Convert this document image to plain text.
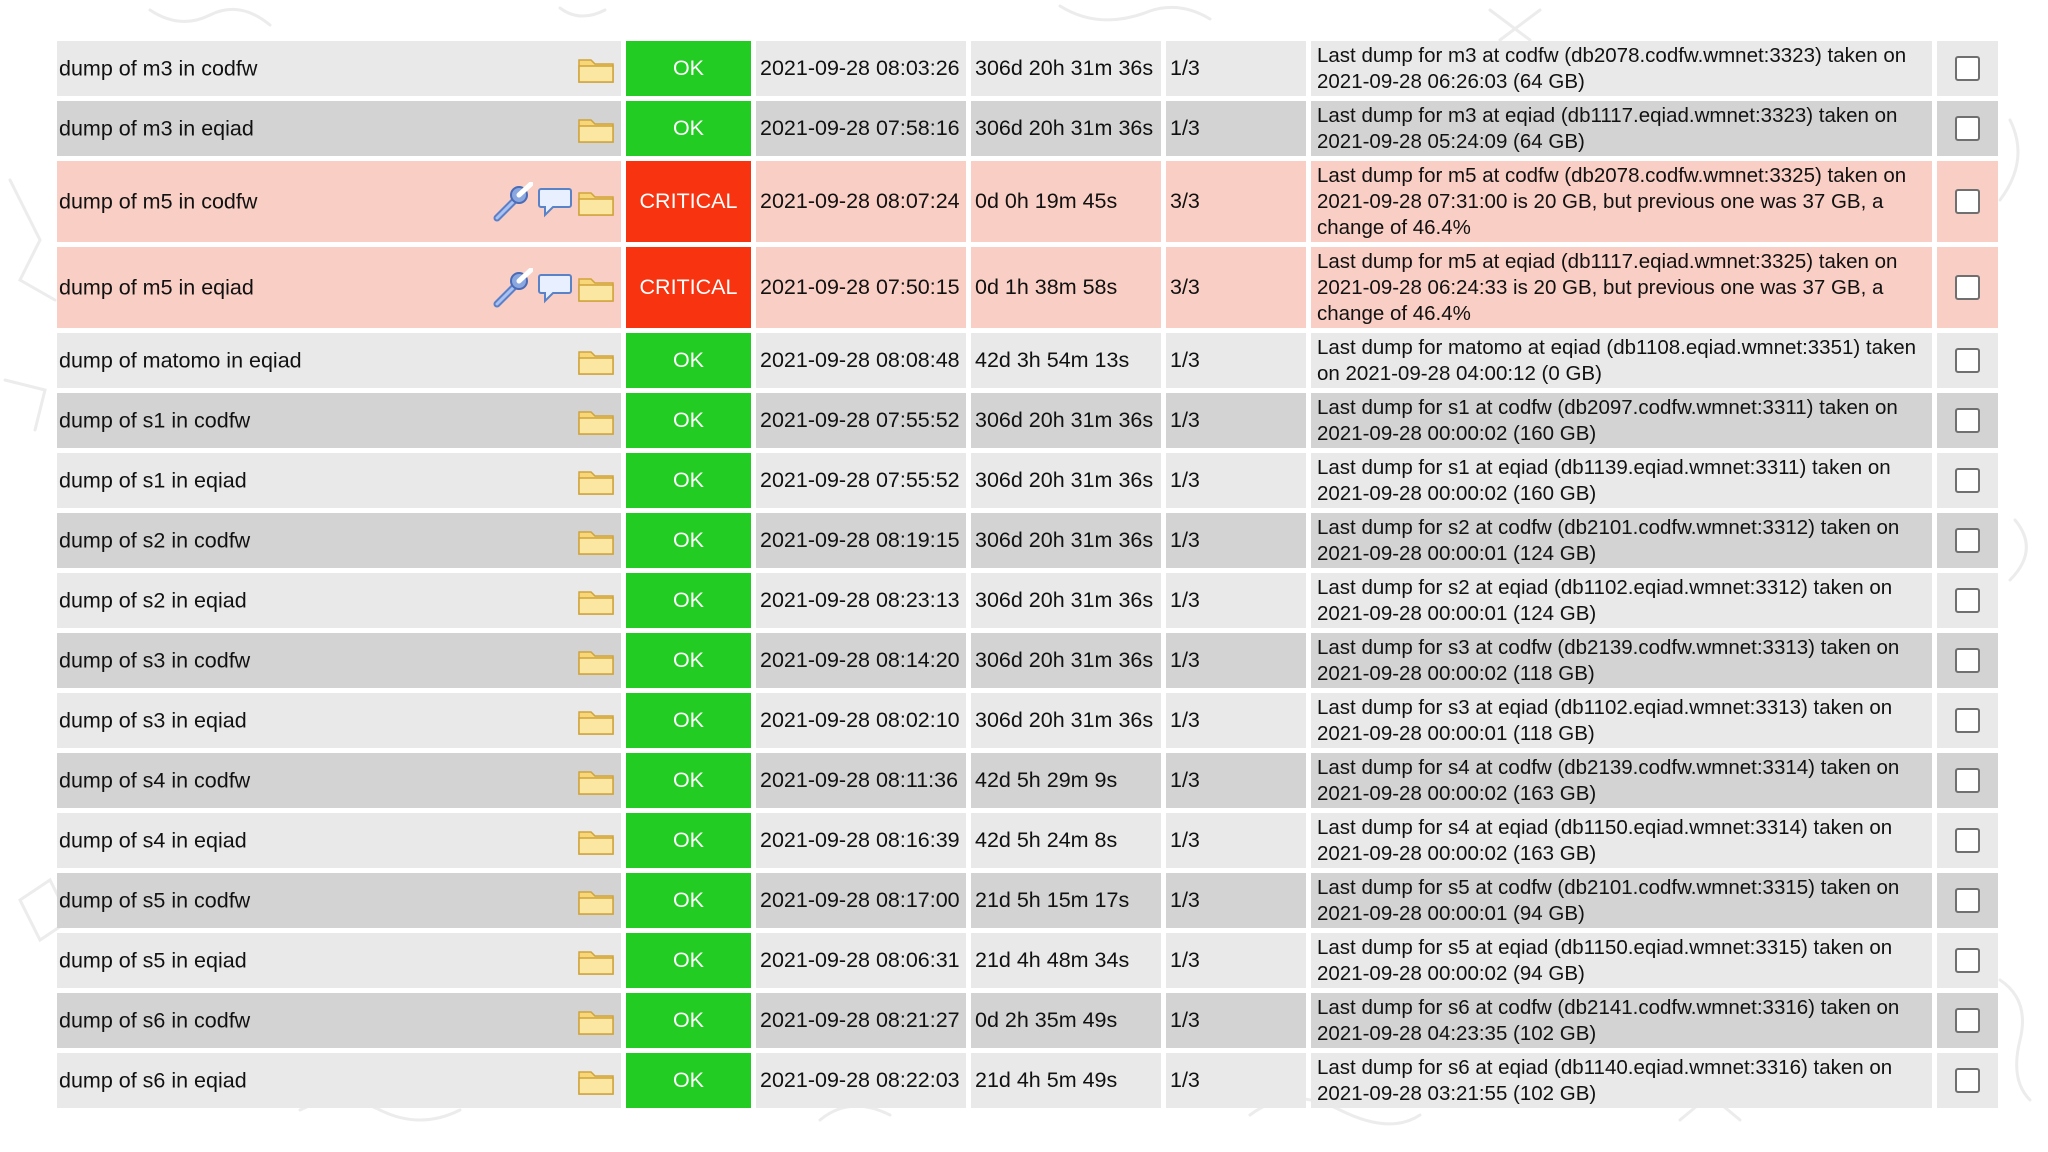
dump of m3 in codfw	OK	2021-09-28 08:03:26	306d 20h 31m 36s	1/3	Last dump for m3 at codfw (db2078.codfw.wmnet:3323) taken on 2021-09-28 06:26:03 (64 GB)	

dump of m3 in eqiad	OK	2021-09-28 07:58:16	306d 20h 31m 36s	1/3	Last dump for m3 at eqiad (db1117.eqiad.wmnet:3323) taken on 2021-09-28 05:24:09 (64 GB)	

dump of m5 in codfw	CRITICAL	2021-09-28 08:07:24	0d 0h 19m 45s	3/3	Last dump for m5 at codfw (db2078.codfw.wmnet:3325) taken on 2021-09-28 07:31:00 is 20 GB, but previous one was 37 GB, a change of 46.4%	

dump of m5 in eqiad	CRITICAL	2021-09-28 07:50:15	0d 1h 38m 58s	3/3	Last dump for m5 at eqiad (db1117.eqiad.wmnet:3325) taken on 2021-09-28 06:24:33 is 20 GB, but previous one was 37 GB, a change of 46.4%	

dump of matomo in eqiad	OK	2021-09-28 08:08:48	42d 3h 54m 13s	1/3	Last dump for matomo at eqiad (db1108.eqiad.wmnet:3351) taken on 2021-09-28 04:00:12 (0 GB)	

dump of s1 in codfw	OK	2021-09-28 07:55:52	306d 20h 31m 36s	1/3	Last dump for s1 at codfw (db2097.codfw.wmnet:3311) taken on 2021-09-28 00:00:02 (160 GB)	

dump of s1 in eqiad	OK	2021-09-28 07:55:52	306d 20h 31m 36s	1/3	Last dump for s1 at eqiad (db1139.eqiad.wmnet:3311) taken on 2021-09-28 00:00:02 (160 GB)	

dump of s2 in codfw	OK	2021-09-28 08:19:15	306d 20h 31m 36s	1/3	Last dump for s2 at codfw (db2101.codfw.wmnet:3312) taken on 2021-09-28 00:00:01 (124 GB)	

dump of s2 in eqiad	OK	2021-09-28 08:23:13	306d 20h 31m 36s	1/3	Last dump for s2 at eqiad (db1102.eqiad.wmnet:3312) taken on 2021-09-28 00:00:01 (124 GB)	

dump of s3 in codfw	OK	2021-09-28 08:14:20	306d 20h 31m 36s	1/3	Last dump for s3 at codfw (db2139.codfw.wmnet:3313) taken on 2021-09-28 00:00:02 (118 GB)	

dump of s3 in eqiad	OK	2021-09-28 08:02:10	306d 20h 31m 36s	1/3	Last dump for s3 at eqiad (db1102.eqiad.wmnet:3313) taken on 2021-09-28 00:00:01 (118 GB)	

dump of s4 in codfw	OK	2021-09-28 08:11:36	42d 5h 29m 9s	1/3	Last dump for s4 at codfw (db2139.codfw.wmnet:3314) taken on 2021-09-28 00:00:02 (163 GB)	

dump of s4 in eqiad	OK	2021-09-28 08:16:39	42d 5h 24m 8s	1/3	Last dump for s4 at eqiad (db1150.eqiad.wmnet:3314) taken on 2021-09-28 00:00:02 (163 GB)	

dump of s5 in codfw	OK	2021-09-28 08:17:00	21d 5h 15m 17s	1/3	Last dump for s5 at codfw (db2101.codfw.wmnet:3315) taken on 2021-09-28 00:00:01 (94 GB)	

dump of s5 in eqiad	OK	2021-09-28 08:06:31	21d 4h 48m 34s	1/3	Last dump for s5 at eqiad (db1150.eqiad.wmnet:3315) taken on 2021-09-28 00:00:02 (94 GB)	

dump of s6 in codfw	OK	2021-09-28 08:21:27	0d 2h 35m 49s	1/3	Last dump for s6 at codfw (db2141.codfw.wmnet:3316) taken on 2021-09-28 04:23:35 (102 GB)	

dump of s6 in eqiad	OK	2021-09-28 08:22:03	21d 4h 5m 49s	1/3	Last dump for s6 at eqiad (db1140.eqiad.wmnet:3316) taken on 2021-09-28 03:21:55 (102 GB)	
